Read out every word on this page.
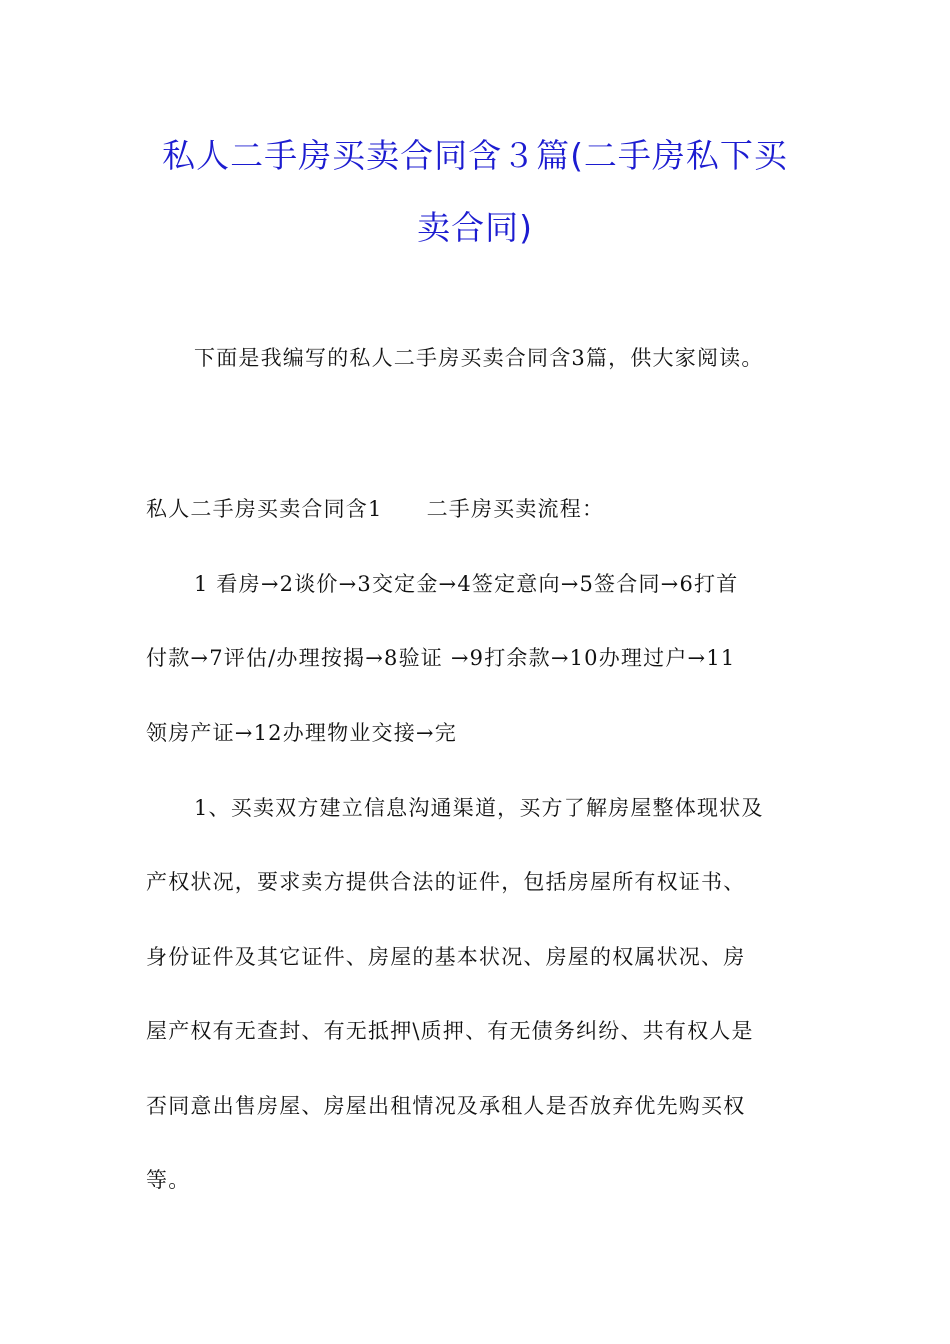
私人二手房买卖合同含３篇(二手房私下买
卖合同)
下面是我编写的私人二手房买卖合同含3篇，供大家阅读。
私人二手房买卖合同含1 二手房买卖流程：
1 看房→2谈价→3交定金→4签定意向→5签合同→6打首
付款→7评估/办理按揭→8验证 →9打余款→10办理过户→11
领房产证→12办理物业交接→完
1、买卖双方建立信息沟通渠道，买方了解房屋整体现状及
产权状况，要求卖方提供合法的证件，包括房屋所有权证书、
身份证件及其它证件、房屋的基本状况、房屋的权属状况、房
屋产权有无查封、有无抵押\质押、有无债务纠纷、共有权人是
否同意出售房屋、房屋出租情况及承租人是否放弃优先购买权
等。
